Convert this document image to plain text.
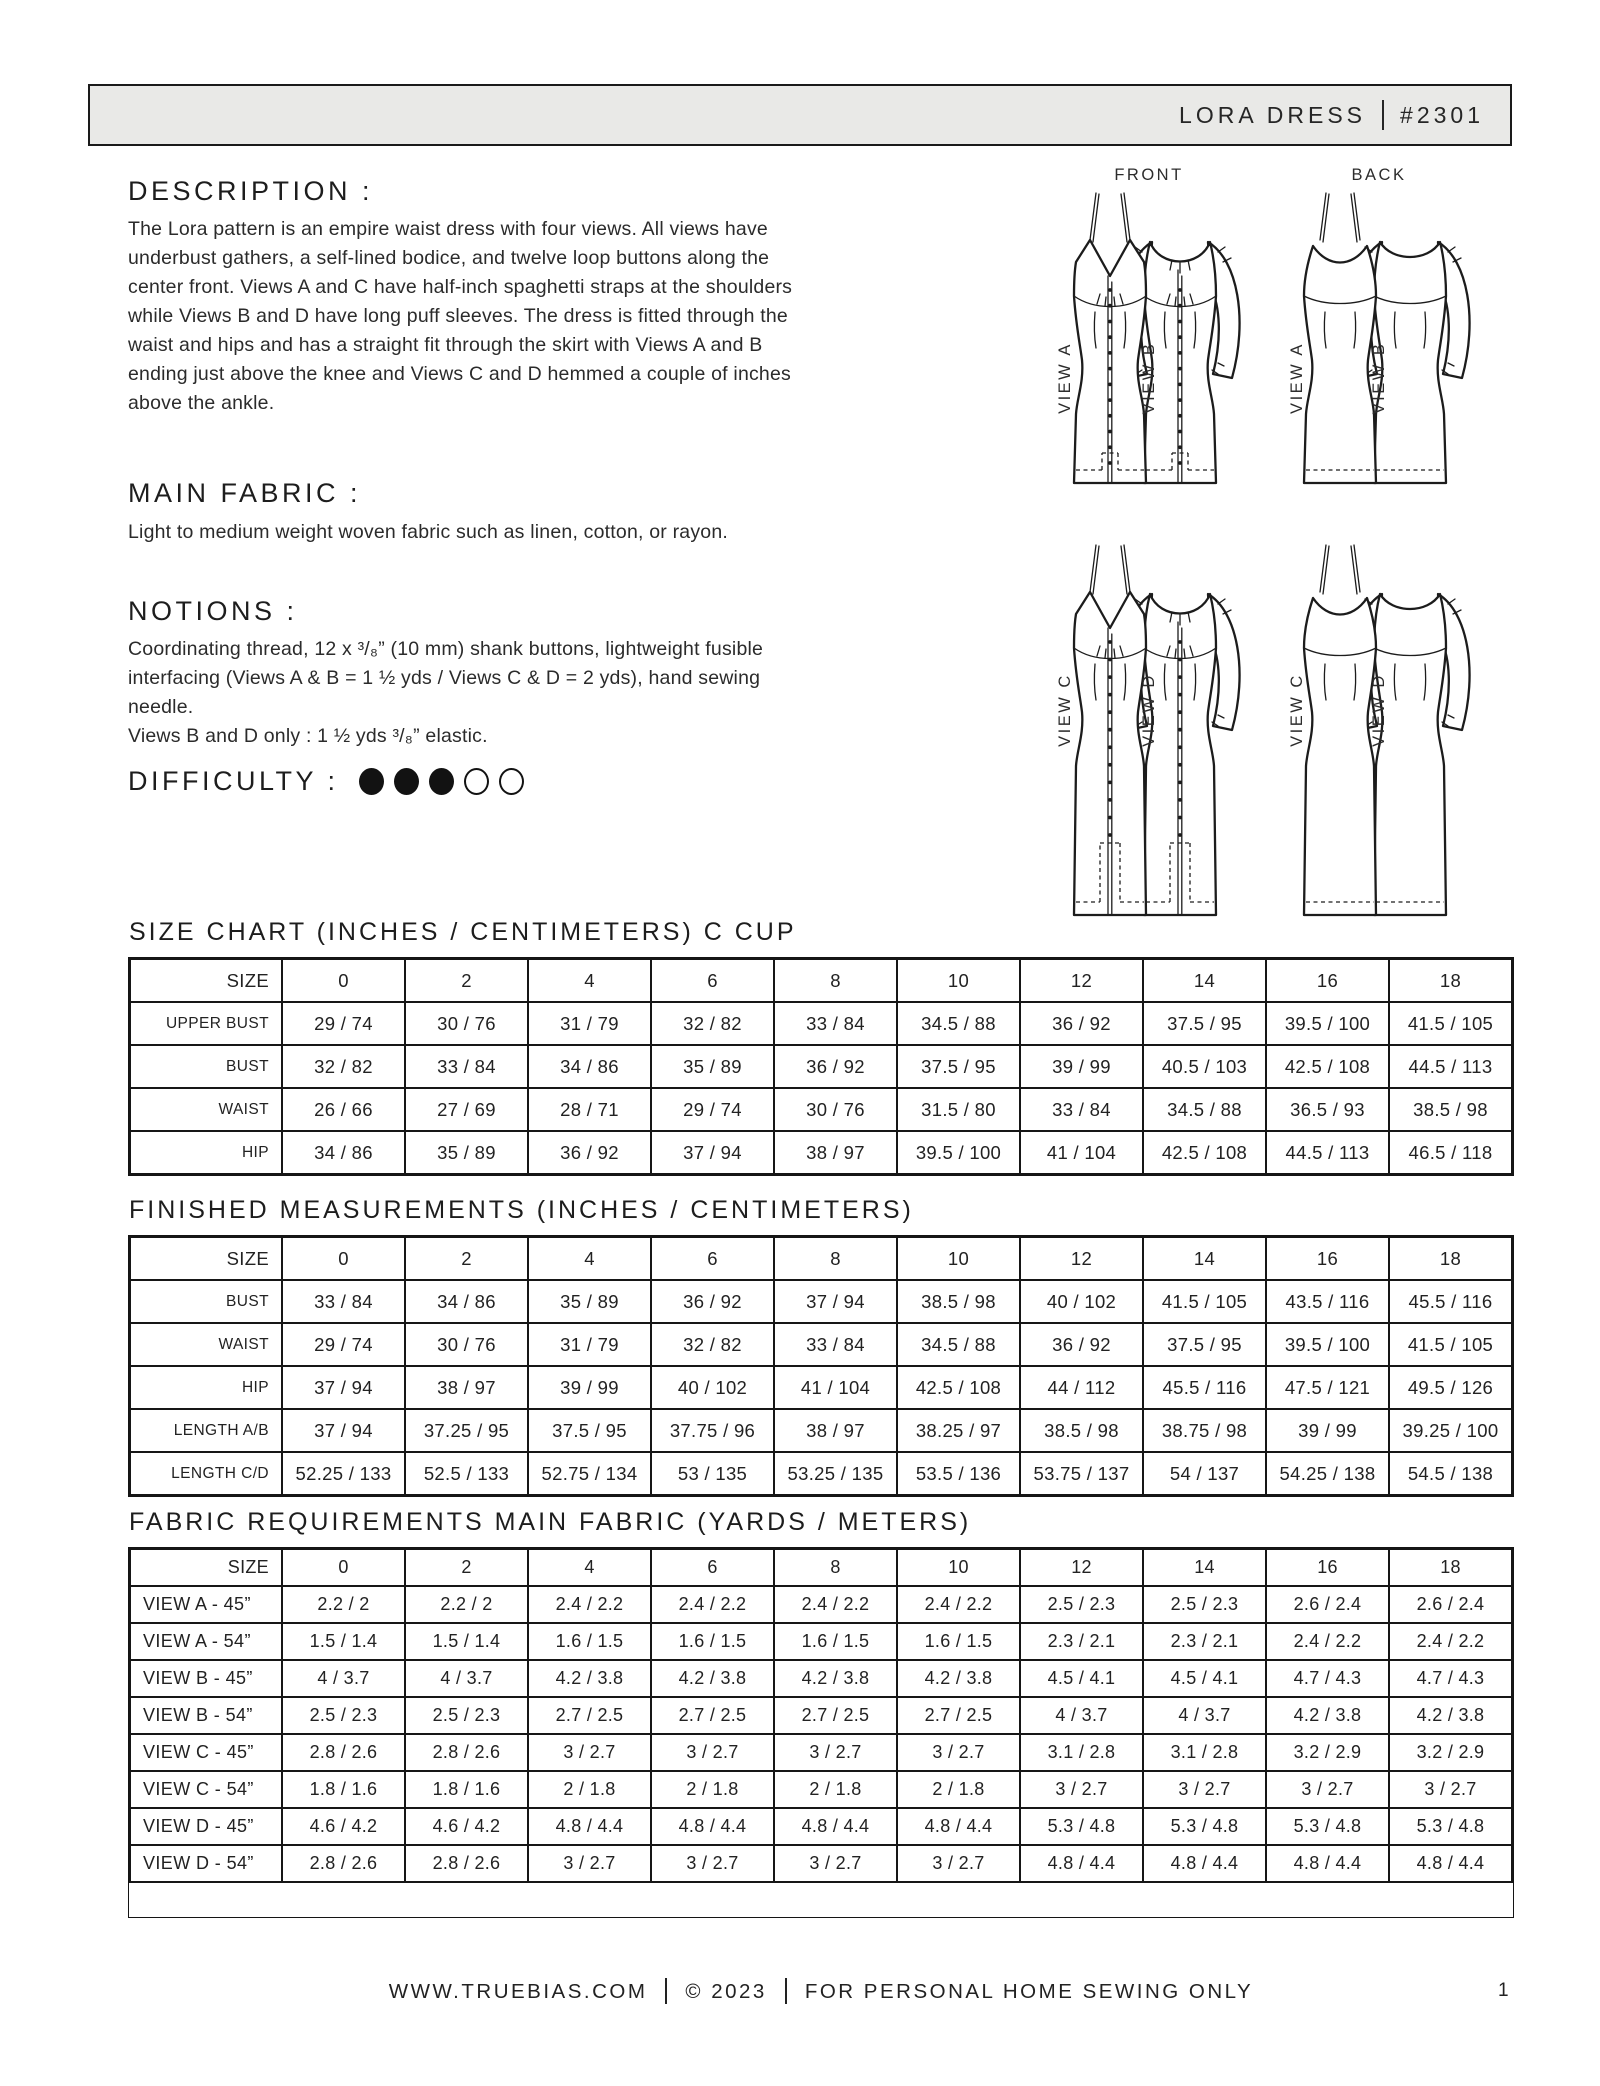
LORA DRESS #2301
DESCRIPTION :

The Lora pattern is an empire waist dress with four views. All views have underbust gathers, a self-lined bodice, and twelve loop buttons along the center front. Views A and C have half-inch spaghetti straps at the shoulders while Views B and D have long puff sleeves. The dress is fitted through the waist and hips and has a straight fit through the skirt with Views A and B ending just above the knee and Views C and D hemmed a couple of inches above the ankle.

MAIN FABRIC :

Light to medium weight woven fabric such as linen, cotton, or rayon.

NOTIONS :

Coordinating thread, 12 x ³/₈” (10 mm) shank buttons, lightweight fusible interfacing (Views A & B = 1 ½ yds / Views C & D = 2 yds), hand sewing needle.

Views B and D only : 1 ½ yds ³/₈” elastic.

DIFFICULTY :
FRONT	BACK
VIEW A	VIEW B	VIEW A	VIEW B
VIEW C	VIEW D	VIEW C	VIEW D
SIZE CHART (INCHES / CENTIMETERS) C CUP
SIZE	0	2	4	6	8	10	12	14	16	18
UPPER BUST	29 / 74	30 / 76	31 / 79	32 / 82	33 / 84	34.5 / 88	36 / 92	37.5 / 95	39.5 / 100	41.5 / 105
BUST	32 / 82	33 / 84	34 / 86	35 / 89	36 / 92	37.5 / 95	39 / 99	40.5 / 103	42.5 / 108	44.5 / 113
WAIST	26 / 66	27 / 69	28 / 71	29 / 74	30 / 76	31.5 / 80	33 / 84	34.5 / 88	36.5 / 93	38.5 / 98
HIP	34 / 86	35 / 89	36 / 92	37 / 94	38 / 97	39.5 / 100	41 / 104	42.5 / 108	44.5 / 113	46.5 / 118
FINISHED MEASUREMENTS (INCHES / CENTIMETERS)
SIZE	0	2	4	6	8	10	12	14	16	18
BUST	33 / 84	34 / 86	35 / 89	36 / 92	37 / 94	38.5 / 98	40 / 102	41.5 / 105	43.5 / 116	45.5 / 116
WAIST	29 / 74	30 / 76	31 / 79	32 / 82	33 / 84	34.5 / 88	36 / 92	37.5 / 95	39.5 / 100	41.5 / 105
HIP	37 / 94	38 / 97	39 / 99	40 / 102	41 / 104	42.5 / 108	44 / 112	45.5 / 116	47.5 / 121	49.5 / 126
LENGTH A/B	37 / 94	37.25 / 95	37.5 / 95	37.75 / 96	38 / 97	38.25 / 97	38.5 / 98	38.75 / 98	39 / 99	39.25 / 100
LENGTH C/D	52.25 / 133	52.5 / 133	52.75 / 134	53 / 135	53.25 / 135	53.5 / 136	53.75 / 137	54 / 137	54.25 / 138	54.5 / 138
FABRIC REQUIREMENTS MAIN FABRIC (YARDS / METERS)
SIZE	0	2	4	6	8	10	12	14	16	18
VIEW A - 45”	2.2 / 2	2.2 / 2	2.4 / 2.2	2.4 / 2.2	2.4 / 2.2	2.4 / 2.2	2.5 / 2.3	2.5 / 2.3	2.6 / 2.4	2.6 / 2.4
VIEW A - 54”	1.5 / 1.4	1.5 / 1.4	1.6 / 1.5	1.6 / 1.5	1.6 / 1.5	1.6 / 1.5	2.3 / 2.1	2.3 / 2.1	2.4 / 2.2	2.4 / 2.2
VIEW B - 45”	4 / 3.7	4 / 3.7	4.2 / 3.8	4.2 / 3.8	4.2 / 3.8	4.2 / 3.8	4.5 / 4.1	4.5 / 4.1	4.7 / 4.3	4.7 / 4.3
VIEW B - 54”	2.5 / 2.3	2.5 / 2.3	2.7 / 2.5	2.7 / 2.5	2.7 / 2.5	2.7 / 2.5	4 / 3.7	4 / 3.7	4.2 / 3.8	4.2 / 3.8
VIEW C - 45”	2.8 / 2.6	2.8 / 2.6	3 / 2.7	3 / 2.7	3 / 2.7	3 / 2.7	3.1 / 2.8	3.1 / 2.8	3.2 / 2.9	3.2 / 2.9
VIEW C - 54”	1.8 / 1.6	1.8 / 1.6	2 / 1.8	2 / 1.8	2 / 1.8	2 / 1.8	3 / 2.7	3 / 2.7	3 / 2.7	3 / 2.7
VIEW D - 45”	4.6 / 4.2	4.6 / 4.2	4.8 / 4.4	4.8 / 4.4	4.8 / 4.4	4.8 / 4.4	5.3 / 4.8	5.3 / 4.8	5.3 / 4.8	5.3 / 4.8
VIEW D - 54”	2.8 / 2.6	2.8 / 2.6	3 / 2.7	3 / 2.7	3 / 2.7	3 / 2.7	4.8 / 4.4	4.8 / 4.4	4.8 / 4.4	4.8 / 4.4
WWW.TRUEBIAS.COM © 2023 FOR PERSONAL HOME SEWING ONLY	1
